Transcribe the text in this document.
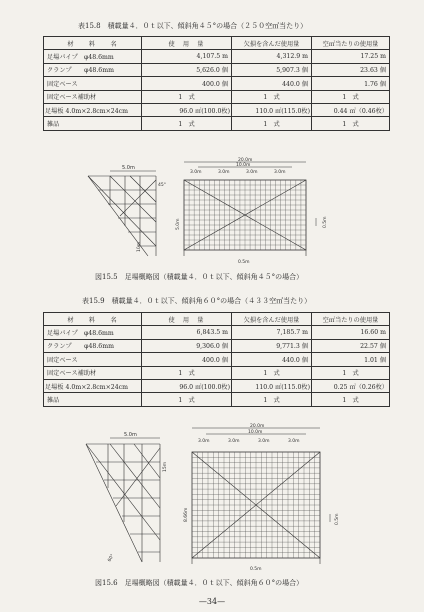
表15.8　積載量４．０ｔ以下、傾斜角４５°の場合（２５０空㎡当たり）
材　　料　　名	使　用　量	欠損を含んだ使用量	空㎡当たりの使用量
足場パイプ　φ48.6mm	4,107.5 m	4,312.9 m	17.25 m
クランプ　　φ48.6mm	5,626.0 個	5,907.3 個	23.63 個
固定ベース	400.0 個	440.0 個	1.76 個
固定ベース補助材	1　式	1　式	1　式
足場板 4.0m×2.8cm×24cm	96.0 ㎡(100.0枚)	110.0 ㎡(115.0枚)	0.44 ㎡（0.46枚）
雑品	1　式	1　式	1　式
5.0m
45°
10m
20.0m
10.0m
3.0m	3.0m	3.0m	3.0m
5.0m
0.5m
0.5m
図15.5　足場概略図（積載量４．０ｔ以下、傾斜角４５°の場合）
表15.9　積載量４．０ｔ以下、傾斜角６０°の場合（４３３空㎡当たり）
材　　料　　名	使　用　量	欠損を含んだ使用量	空㎡当たりの使用量
足場パイプ　φ48.6mm	6,843.5 m	7,185.7 m	16.60 m
クランプ　　φ48.6mm	9,306.0 個	9,771.3 個	22.57 個
固定ベース	400.0 個	440.0 個	1.01 個
固定ベース補助材	1　式	1　式	1　式
足場板 4.0m×2.8cm×24cm	96.0 ㎡(100.0枚)	110.0 ㎡(115.0枚)	0.25 ㎡（0.26枚）
雑品	1　式	1　式	1　式
5.0m
60°
15m
20.0m
10.0m
3.0m	3.0m	3.0m	3.0m
8.66m
0.5m
0.5m
図15.6　足場概略図（積載量４．０ｔ以下、傾斜角６０°の場合）
—34—
